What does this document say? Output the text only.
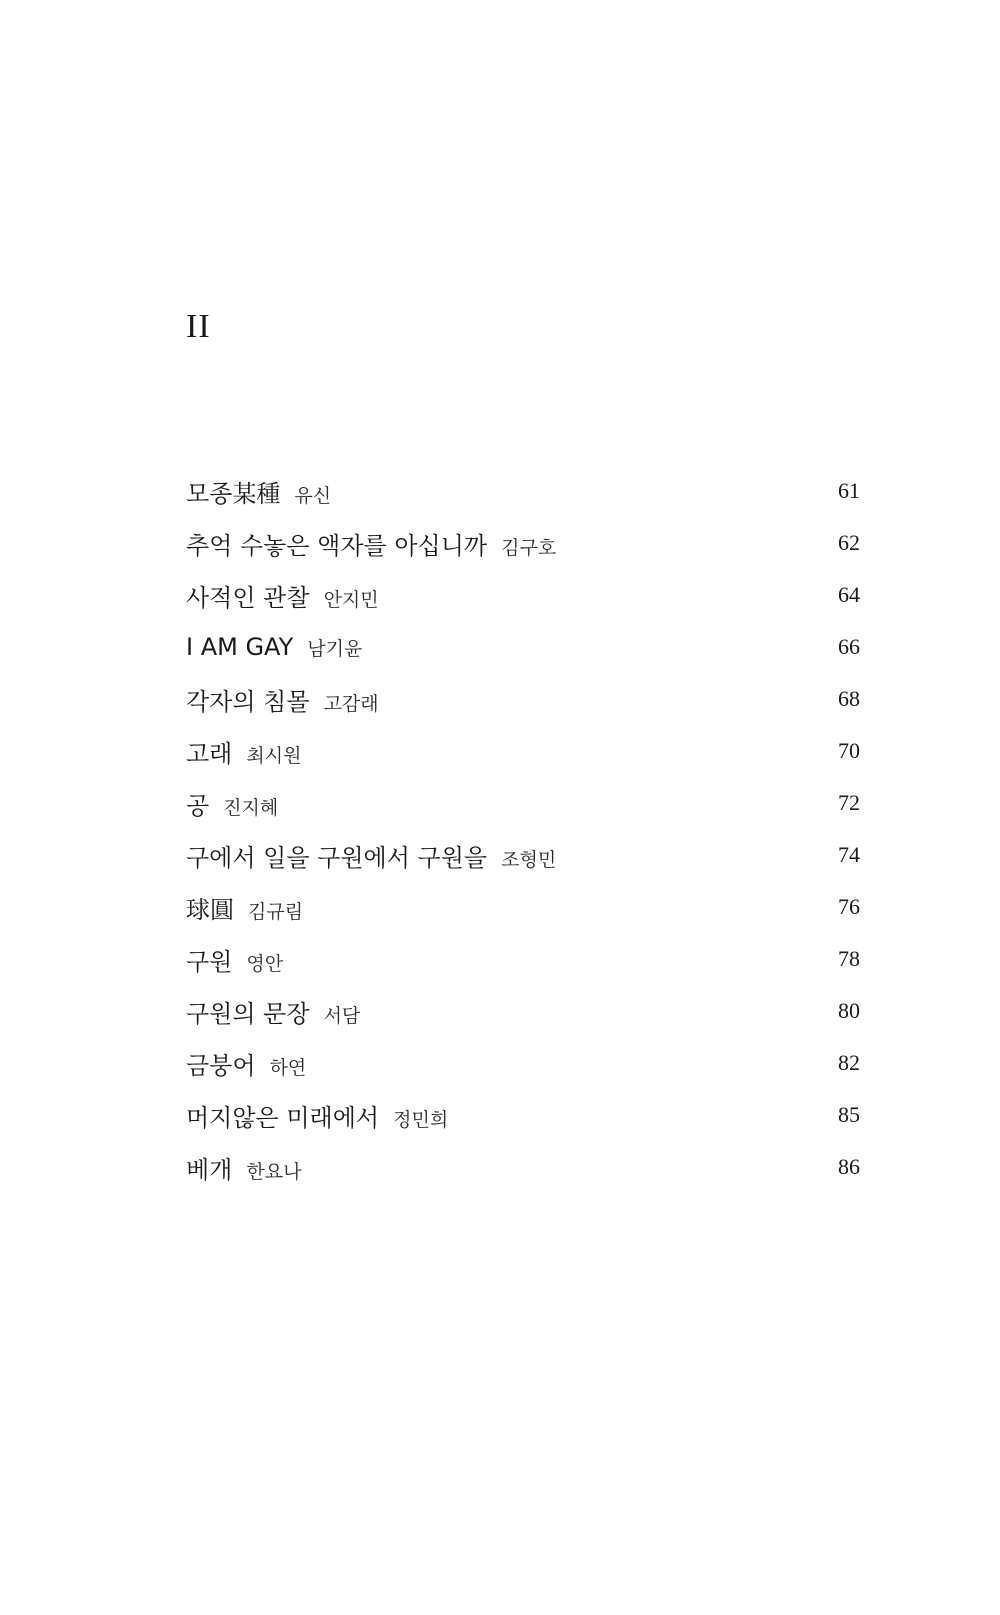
II
모종某種 유신	61
추억 수놓은 액자를 아십니까 김구호	62
사적인 관찰 안지민	64
I AM GAY 남기윤	66
각자의 침몰 고감래	68
고래 최시원	70
공 진지혜	72
구에서 일을 구원에서 구원을 조형민	74
球圓 김규림	76
구원 영안	78
구원의 문장 서담	80
금붕어 하연	82
머지않은 미래에서 정민희	85
베개 한요나	86
